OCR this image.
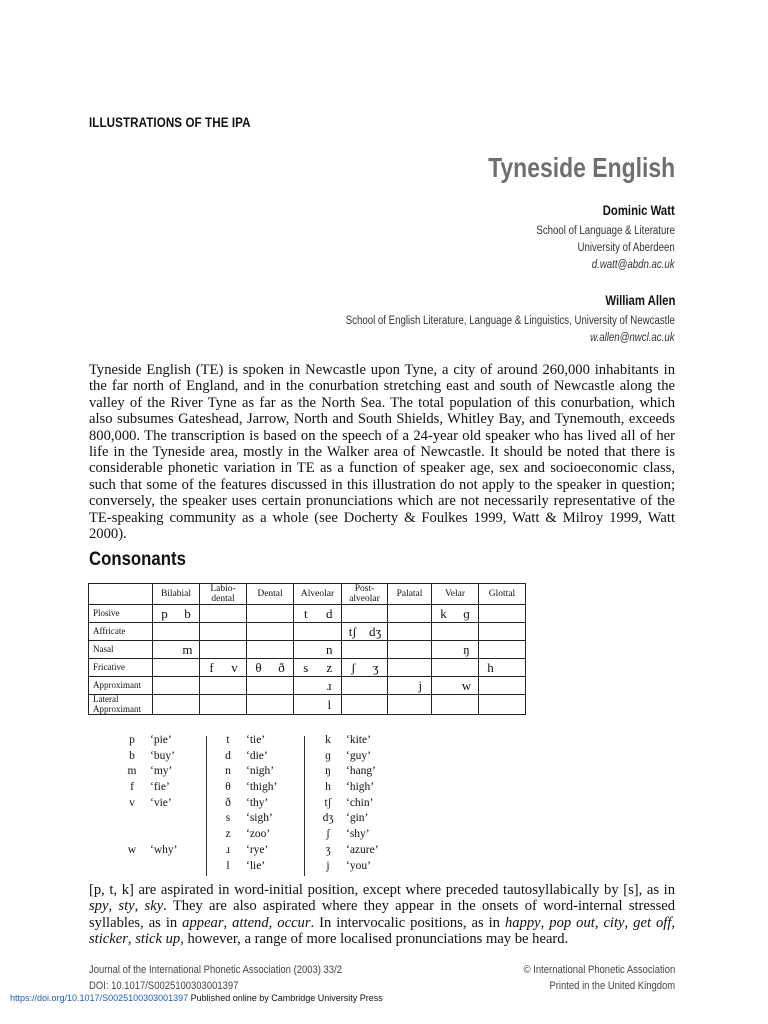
ILLUSTRATIONS OF THE IPA
Tyneside English
Dominic Watt
School of Language & Literature
University of Aberdeen
d.watt@abdn.ac.uk
William Allen
School of English Literature, Language & Linguistics, University of Newcastle
w.allen@nwcl.ac.uk
Tyneside English (TE) is spoken in Newcastle upon Tyne, a city of around 260,000 inhabitants in the far north of England, and in the conurbation stretching east and south of Newcastle along the valley of the River Tyne as far as the North Sea. The total population of this conurbation, which also subsumes Gateshead, Jarrow, North and South Shields, Whitley Bay, and Tynemouth, exceeds 800,000. The transcription is based on the speech of a 24-year old speaker who has lived all of her life in the Tyneside area, mostly in the Walker area of Newcastle. It should be noted that there is considerable phonetic variation in TE as a function of speaker age, sex and socioeconomic class, such that some of the features discussed in this illustration do not apply to the speaker in question; conversely, the speaker uses certain pronunciations which are not necessarily representative of the TE-speaking community as a whole (see Docherty & Foulkes 1999, Watt & Milroy 1999, Watt 2000).
Consonants
	Bilabial	Labio-dental	Dental	Alveolar	Post-alveolar	Palatal	Velar	Glottal
Plosive	p b			t d			k ɡ	

Affricate					tʃ dʒ			

Nasal	m			n			ŋ	

Fricative		f v	θ ð	s z	ʃ ʒ			h

Approximant				ɹ		j	w	

Lateral Approximant				l				

p ‘pie’
b ‘buy’
m ‘my’
f ‘fie’
v ‘vie’
w ‘why’
t ‘tie’
d ‘die’
n ‘nigh’
θ ‘thigh’
ð ‘thy’
s ‘sigh’
z ‘zoo’
ɹ ‘rye’
l ‘lie’
k ‘kite’
ɡ ‘guy’
ŋ ‘hang’
h ‘high’
tʃ ‘chin’
dʒ ‘gin’
ʃ ‘shy’
ʒ ‘azure’
j ‘you’
[p, t, k] are aspirated in word-initial position, except where preceded tautosyllabically by [s], as in spy, sty, sky. They are also aspirated where they appear in the onsets of word-internal stressed syllables, as in appear, attend, occur. In intervocalic positions, as in happy, pop out, city, get off, sticker, stick up, however, a range of more localised pronunciations may be heard.
Journal of the International Phonetic Association (2003) 33/2
DOI: 10.1017/S0025100303001397
© International Phonetic Association
Printed in the United Kingdom
https://doi.org/10.1017/S0025100303001397 Published online by Cambridge University Press
